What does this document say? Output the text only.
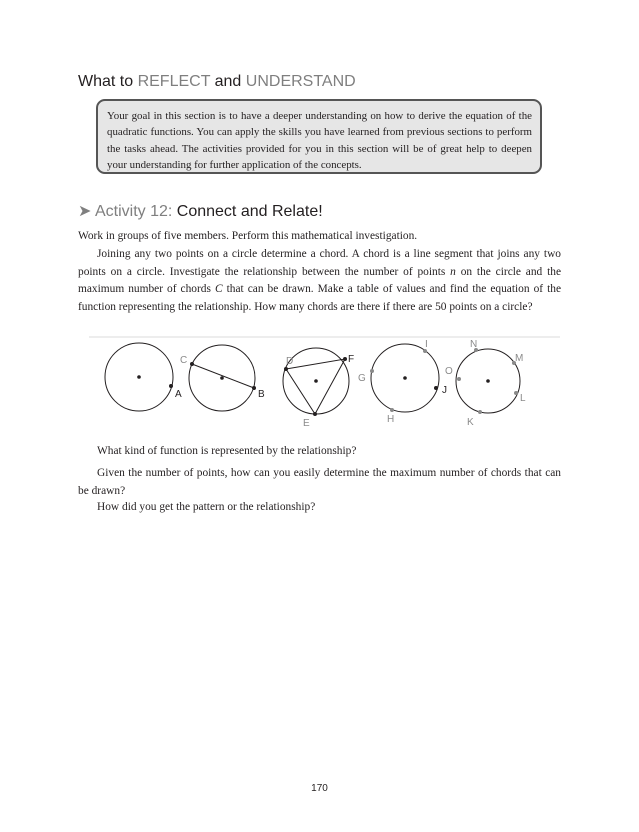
What to REFLECT and UNDERSTAND

Your goal in this section is to have a deeper understanding on how to derive the equation of the quadratic functions. You can apply the skills you have learned from previous sections to perform the tasks ahead. The activities provided for you in this section will be of great help to deepen your understanding for further application of the concepts.

➤ Activity 12: Connect and Relate!

Work in groups of five members. Perform this mathematical investigation.

Joining any two points on a circle determine a chord. A chord is a line segment that joins any two points on a circle. Investigate the relationship between the number of points n on the circle and the maximum number of chords C that can be drawn. Make a table of values and find the equation of the function representing the relationship. How many chords are there if there are 50 points on a circle?

A
C
B
D	F
E
I
J
H
G
N
M
L
K
O

What kind of function is represented by the relationship?

Given the number of points, how can you easily determine the maximum number of chords that can be drawn?

How did you get the pattern or the relationship?

170
